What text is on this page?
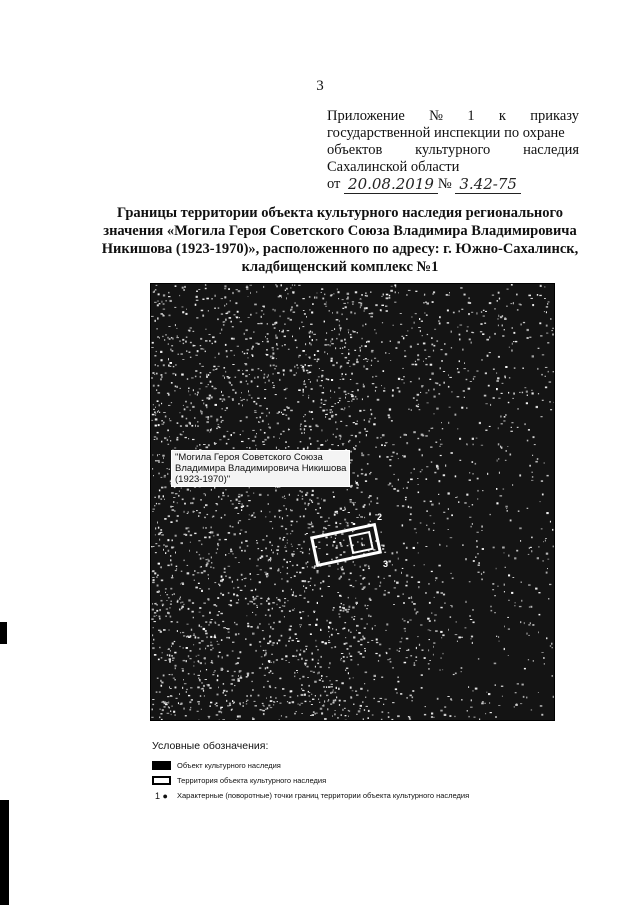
3
Приложение № 1 к приказу
государственной инспекции по охране
объектов культурного наследия
Сахалинской области
от
20.08.2019 №
3.42-75
Границы территории объекта культурного наследия регионального значения «Могила Героя Советского Союза Владимира Владимировича Никишова (1923-1970)», расположенного по адресу: г. Южно-Сахалинск, кладбищенский комплекс №1
"Могила Героя Советского Союза
Владимира Владимировича Никишова
(1923-1970)"
2
3
Условные обозначения:
Объект культурного наследия
Территория объекта культурного наследия
1 ●	Характерные (поворотные) точки границ территории объекта культурного наследия
